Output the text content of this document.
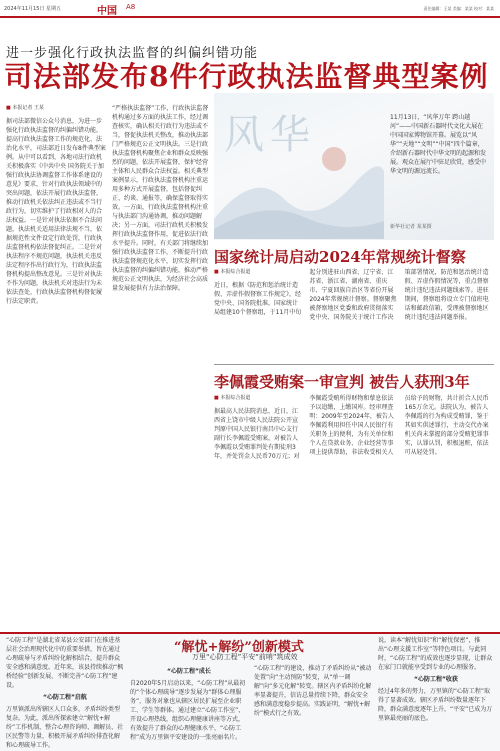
2024年11月15日 星期五	中国 A8	责任编辑：王某 美编：某某 校对：某某
进一步强化行政执法监督的纠偏纠错功能
司法部发布8件行政执法监督典型案例
■ 本报记者 王某
据司法部微信公众号消息，为进一步强化行政执法监督的纠偏纠错功能，提高行政执法监督工作的规范化、法治化水平，司法部近日发布8件典型案例。从中可以看到，各地司法行政机关积极落实《中共中央 国务院关于加强行政执法协调监督工作体系建设的意见》要求，针对行政执法领域中的突出问题，依法开展行政执法监督，推动行政机关依法纠正违法或不当行政行为，切实维护了行政相对人的合法权益。一是针对执法依据不合法问题，执法机关适用法律法规不当，依据规范性文件设定行政处罚，行政执法监督机构依法督促纠正。二是针对执法程序不规范问题，执法机关违反法定程序作出行政行为，行政执法监督机构提出整改意见。三是针对执法不作为问题，执法机关对违法行为未依法查处，行政执法监督机构督促履行法定职责。
“严格执法监督”工作，行政执法监督机构通过多方面的执法工作，经过调查核实，确认相关行政行为违法或不当，督促执法机关整改，推动执法部门严格规范公正文明执法。三是行政执法监督机构聚焦企业和群众反映强烈的问题，依法开展监督，保护经营主体和人民群众合法权益。相关典型案例显示，行政执法监督机构注重运用多种方式开展监督，包括督促纠正、约谈、通报等，确保监督取得实效。一方面，行政执法监督机构注重与执法部门沟通协调，推动问题解决；另一方面，司法行政机关积极发挥行政执法监督作用，促进依法行政水平提升。同时，有关部门将继续加强行政执法监督工作，不断提升行政执法监督规范化水平，切实发挥行政执法监督的纠偏纠错功能，推动严格规范公正文明执法，为经济社会高质量发展提供有力法治保障。
风华	11月13日，“风华万年 跨山越河”——中国新石器时代文化大展在中国国家博物馆开幕。展览以“风华”“天地”“文明”“中国”四个篇章，介绍新石器时代中华文明的起源和发展。观众在展厅中驻足欣赏，感受中华文明的源远流长。
新华社记者 某某摄
国家统计局启动2024年常规统计督察
■ 本报综合报道
近日，根据《防范和惩治统计造假、弄虚作假督察工作规定》，经党中央、国务院批准，国家统计局组建10个督察组，于11月中旬起分别进驻山西省、辽宁省、江苏省、浙江省、湖南省、重庆市、宁夏回族自治区等省份开展2024年常规统计督察。督察聚焦被督察地区党委和政府贯彻落实党中央、国务院关于统计工作决策部署情况，防范和惩治统计造假、弄虚作假情况等，重点督察统计违纪违法问题线索等。进驻期间，督察组将设立专门值班电话和邮政信箱，受理被督察地区统计违纪违法问题举报。
李佩霞受贿案一审宣判 被告人获刑3年
■ 本报综合报道
据最高人民法院消息，近日，江西省上饶市中级人民法院公开宣判原中国人民银行南昌中心支行副行长李佩霞受贿案，对被告人李佩霞以受贿罪判处有期徒刑3年，并处罚金人民币70万元；对李佩霞受贿所得财物和孳息依法予以追缴，上缴国库。经审理查明：2009年至2024年，被告人李佩霞利用担任中国人民银行有关职务上的便利，为有关单位和个人在贷款业务、企业经营等事项上提供帮助，非法收受相关人员给予的财物，共计折合人民币165万余元。法院认为，被告人李佩霞的行为构成受贿罪，鉴于其如实供述罪行，主动交代办案机关尚未掌握的部分受贿犯罪事实，认罪认罚，积极退赃，依法可从轻处罚。
“解忧+解纷”创新模式
万里“心防工程”平安“前哨”筑成效
“心防工程”是湖北省某县公安部门在推进基层社会治理现代化中的重要举措，旨在通过心理疏导与矛盾纠纷化解相结合，提升群众安全感和满意度。近年来，该县持续推动“枫桥经验”创新发展，不断完善“心防工程”建设。
“心防工程”启航
万里镇派出所辖区人口众多，矛盾纠纷类型复杂。为此，派出所探索建立“解忧+解纷”工作机制，整合心理咨询师、调解员、社区民警等力量，积极开展矛盾纠纷排查化解和心理疏导工作。
“心防工程”成长
自2020年5月启动以来，“心防工程”从最初的“个体心理疏导”逐步发展为“群体心理服务”，服务对象也从辖区居民扩展至企业职工、学生等群体。通过建立“心防工作室”，开设心理热线，组织心理健康讲座等方式，有效提升了群众的心理健康水平，“心防工程”成为万里镇平安建设的一张亮丽名片。
“心防工程”的建设，推动了矛盾纠纷从“被动处置”向“主动预防”转变，从“单一调解”向“多元化解”转变。辖区内矛盾纠纷化解率显著提升，信访总量持续下降，群众安全感和满意度稳步提高。实践证明，“解忧+解纷”模式行之有效。
说，读本“解忧知识”和“解忧保密”，推出“心理支援工作室”等特色项目。与此同时，“心防工程”的成效也逐步显现，让群众在家门口就能享受到专业的心理服务。
“心防工程”收获
经过4年多的努力，万里镇的“心防工程”取得了显著成效。辖区矛盾纠纷数量逐年下降，群众满意度逐年上升，“平安”已成为万里镇最亮丽的底色。
